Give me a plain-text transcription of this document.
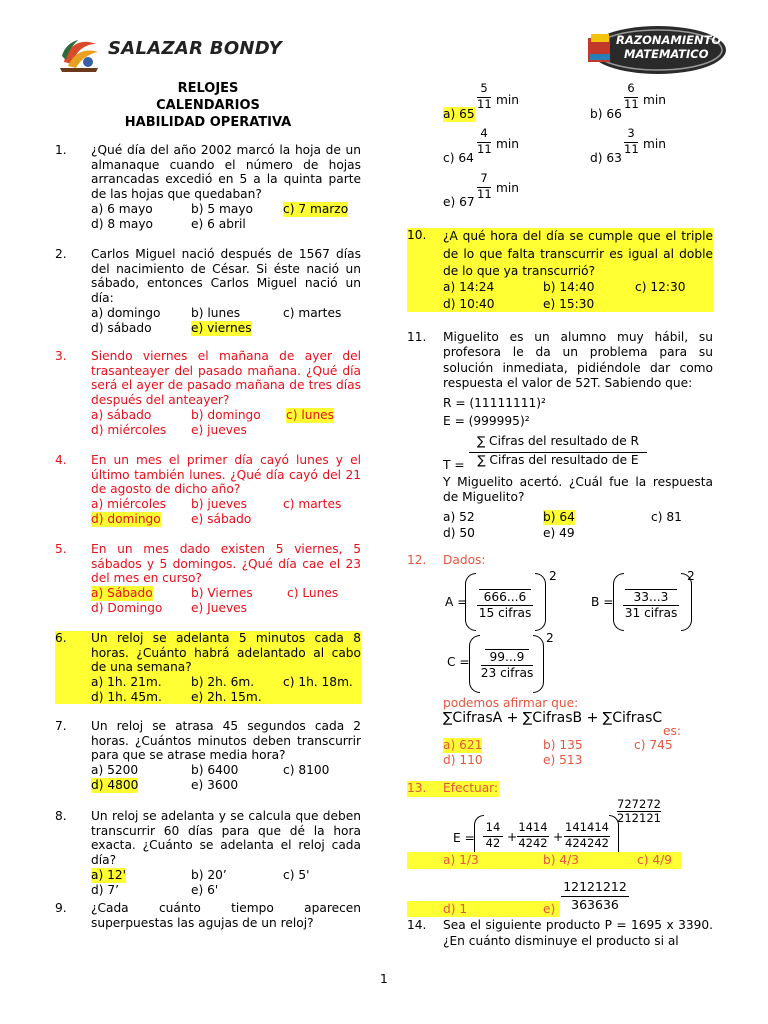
SALAZAR BONDY	RAZONAMIENTO
MATEMATICO
RELOJES
CALENDARIOS
HABILIDAD OPERATIVA
1. ¿Qué día del año 2002 marcó la hoja de un almanaque cuando el número de hojas arrancadas excedió en 5 a la quinta parte de las hojas que quedaban?
a) 6 mayo	b) 5 mayo c) 7 marzo
d) 8 mayo	e) 6 abril
2. Carlos Miguel nació después de 1567 días del nacimiento de César. Si éste nació un sábado, entonces Carlos Miguel nació un día:
a) domingo	b) lunes	c) martes
d) sábado	e) viernes
3. Siendo viernes el mañana de ayer del trasanteayer del pasado mañana. ¿Qué día será el ayer de pasado mañana de tres días después del anteayer?
a) sábado	b) domingo c) lunes
d) miércoles e) jueves
4. En un mes el primer día cayó lunes y el último también lunes. ¿Qué día cayó del 21 de agosto de dicho año?
a) miércoles b) jueves	c) martes
d) domingo e) sábado
5. En un mes dado existen 5 viernes, 5 sábados y 5 domingos. ¿Qué día cae el 23 del mes en curso?
a) Sábado	b) Viernes	c) Lunes
d) Domingo e) Jueves
6. Un reloj se adelanta 5 minutos cada 8 horas. ¿Cuánto habrá adelantado al cabo de una semana?
a) 1h. 21m. b) 2h. 6m. c) 1h. 18m.
d) 1h. 45m. e) 2h. 15m.
7. Un reloj se atrasa 45 segundos cada 2 horas. ¿Cuántos minutos deben transcurrir para que se atrase media hora?
a) 5200	b) 6400	c) 8100
d) 4800	e) 3600
8. Un reloj se adelanta y se calcula que deben transcurrir 60 días para que dé la hora exacta. ¿Cuánto se adelanta el reloj cada día?
a) 12'	b) 20’	c) 5'
d) 7’	e) 6'
9. ¿Cada cuánto tiempo aparecen superpuestas las agujas de un reloj?
a) 65
$\frac{5}{11}$ min
b) 66
$\frac{6}{11}$ min
c) 64
$\frac{4}{11}$ min
d) 63
$\frac{3}{11}$ min
e) 67
$\frac{7}{11}$ min
10. ¿A qué hora del día se cumple que el triple de lo que falta transcurrir es igual al doble de lo que ya transcurrió?
a) 14:24	b) 14:40	c) 12:30
d) 10:40	e) 15:30
11. Miguelito es un alumno muy hábil, su profesora le da un problema para su solución inmediata, pidiéndole dar como respuesta el valor de 52T. Sabiendo que:
R = (11111111)²
E = (999995)²
T =
∑ Cifras del resultado de R
∑ Cifras del resultado de E
Y Miguelito acertó. ¿Cuál fue la respuesta de Miguelito?
a) 52	b) 64	c) 81
d) 50	e) 49
12. Dados:
A =	666...6
15 cifras
2
B =	33...3
31 cifras
2
C =	99...9
23 cifras
2
podemos afirmar que:
∑CifrasA + ∑CifrasB + ∑CifrasC
es:
a) 621	b) 135	c) 745
d) 110	e) 513
13. Efectuar:
$E = \frac{14}{42} + \frac{1414}{4242} + \frac{141414}{424242}$
$\frac{727272}{212121}$
a) 1/3	b) 4/3	c) 4/9
d) 1	$e) \frac{12121212}{363636}$
14. Sea el siguiente producto P = 1695 x 3390. ¿En cuánto disminuye el producto si al
1
